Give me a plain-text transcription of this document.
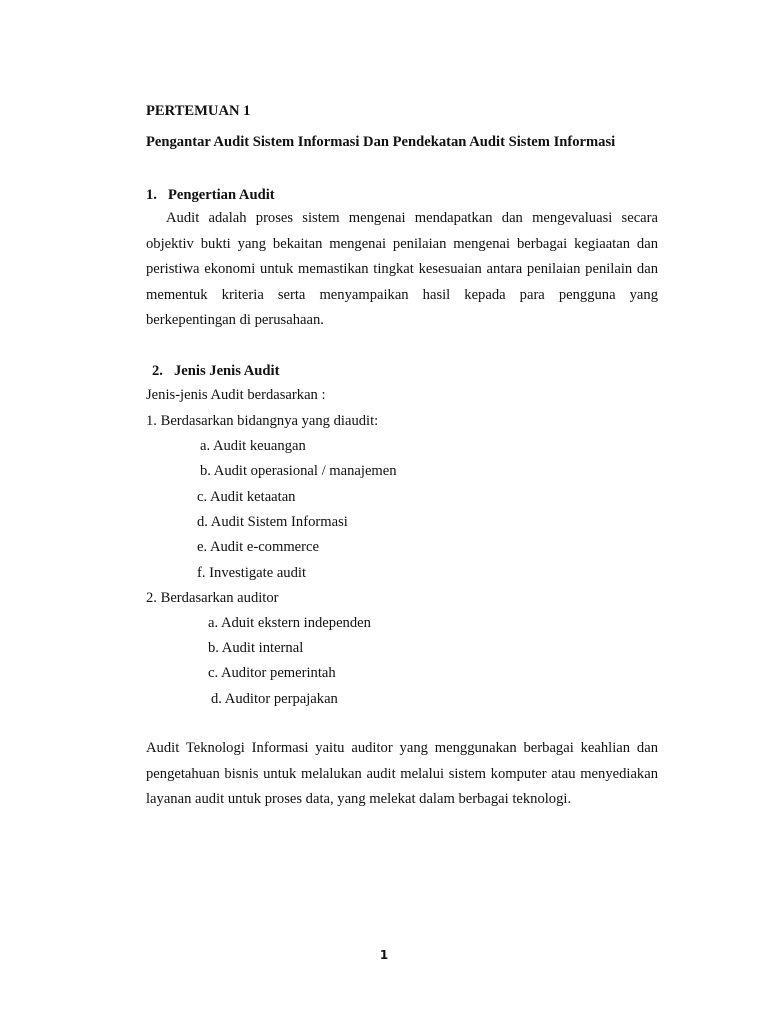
PERTEMUAN 1
Pengantar Audit Sistem Informasi Dan Pendekatan Audit Sistem Informasi
1. Pengertian Audit

Audit adalah proses sistem mengenai mendapatkan dan mengevaluasi secara objektiv bukti yang bekaitan mengenai penilaian mengenai berbagai kegiaatan dan peristiwa ekonomi untuk memastikan tingkat kesesuaian antara penilaian penilain dan mementuk kriteria serta menyampaikan hasil kepada para pengguna yang berkepentingan di perusahaan.

2. Jenis Jenis Audit
Jenis-jenis Audit berdasarkan :
1. Berdasarkan bidangnya yang diaudit:
a. Audit keuangan
b. Audit operasional / manajemen
c. Audit ketaatan
d. Audit Sistem Informasi
e. Audit e-commerce
f. Investigate audit
2. Berdasarkan auditor
a. Aduit ekstern independen
b. Audit internal
c. Auditor pemerintah
d. Auditor perpajakan

Audit Teknologi Informasi yaitu auditor yang menggunakan berbagai keahlian dan pengetahuan bisnis untuk melalukan audit melalui sistem komputer atau menyediakan layanan audit untuk proses data, yang melekat dalam berbagai teknologi.

1
